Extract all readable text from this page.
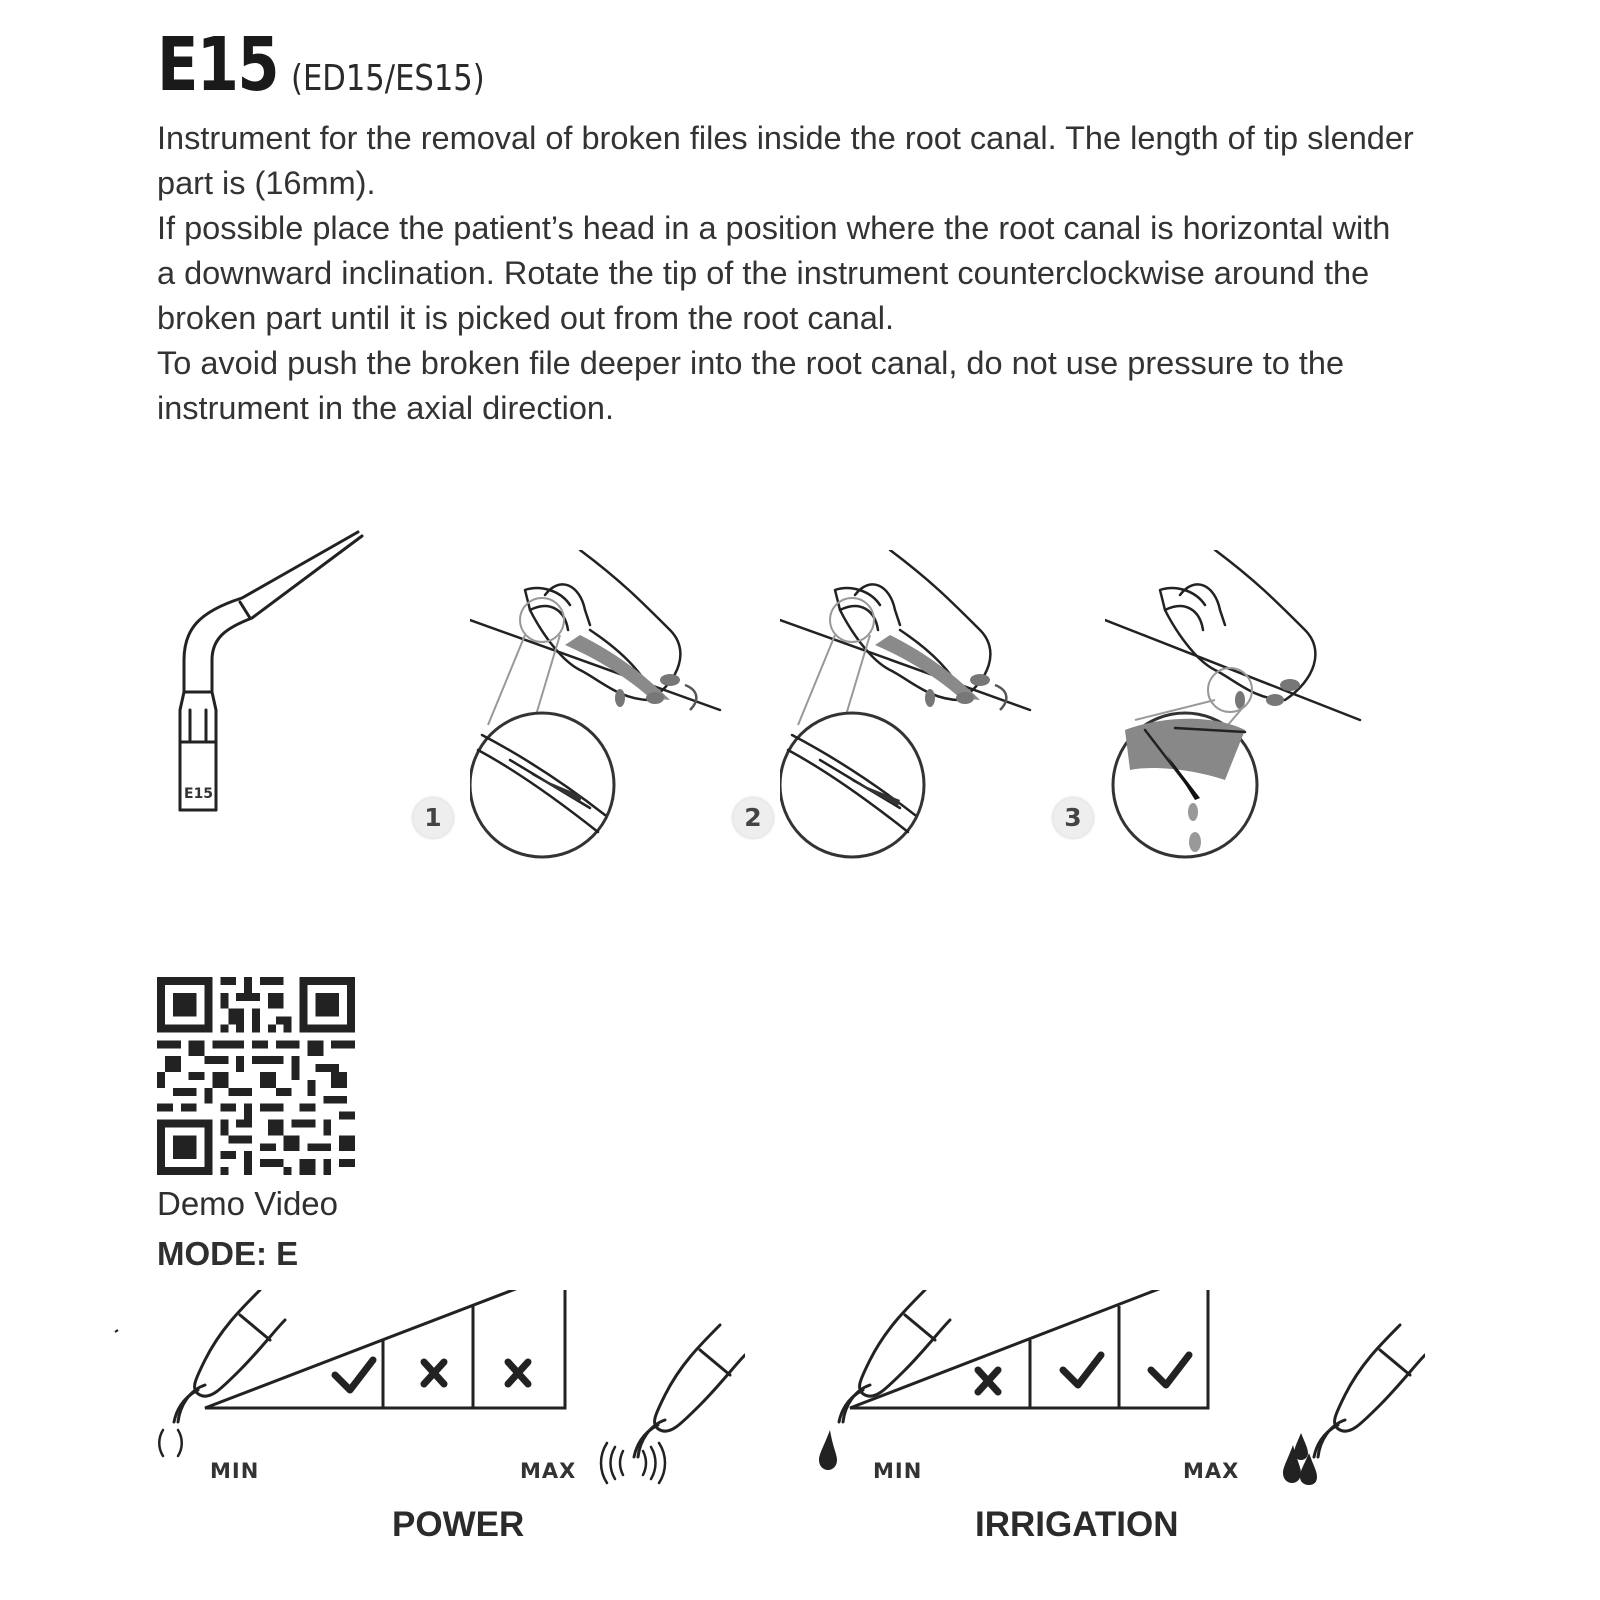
E15 (ED15/ES15)

Instrument for the removal of broken files inside the root canal. The length of tip slender part is (16mm).

If possible place the patient’s head in a position where the root canal is horizontal with a downward inclination. Rotate the tip of the instrument counterclockwise around the broken part until it is picked out from the root canal.

To avoid push the broken file deeper into the root canal, do not use pressure to the instrument in the axial direction.

E15
1	2	3
Demo Video
MODE: E
MIN	MAX
POWER
MIN	MAX
IRRIGATION
